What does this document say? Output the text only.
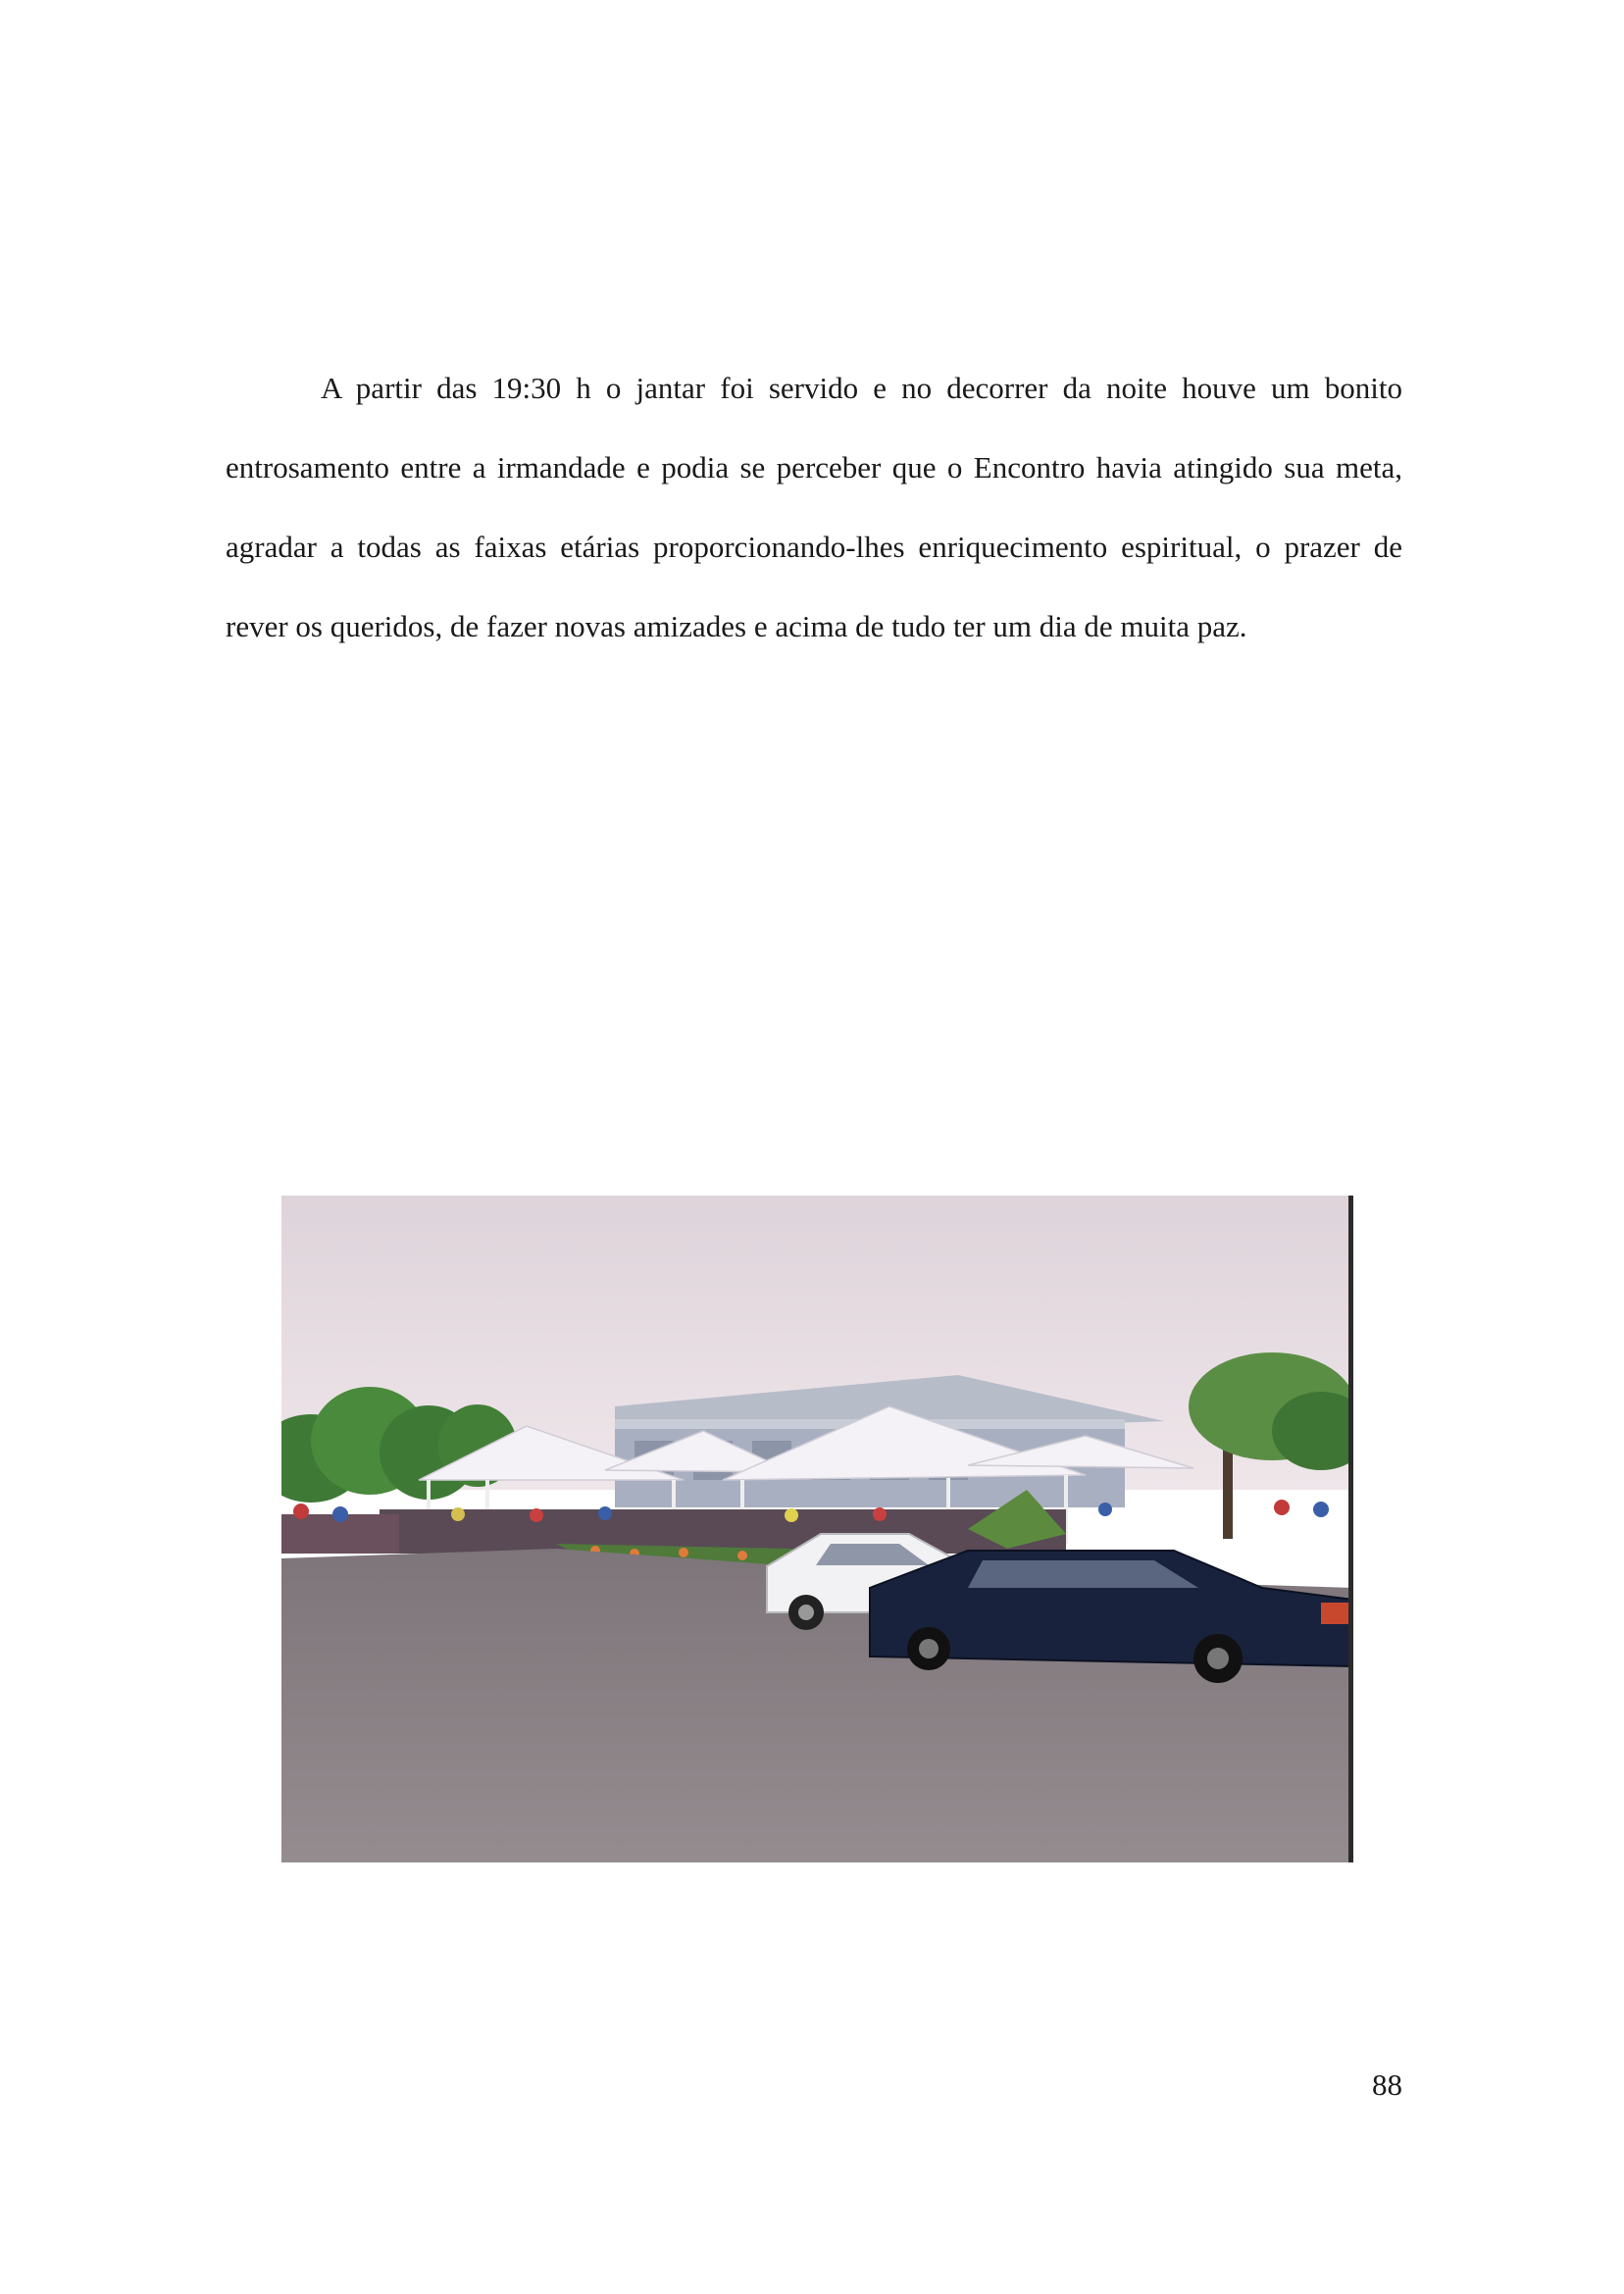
A partir das 19:30 h o jantar foi servido e no decorrer da noite houve um bonito entrosamento entre a irmandade e podia se perceber que o Encontro havia atingido sua meta, agradar a todas as faixas etárias proporcionando-lhes enriquecimento espiritual, o prazer de rever os queridos, de fazer novas amizades e acima de tudo ter um dia de muita paz.

88
